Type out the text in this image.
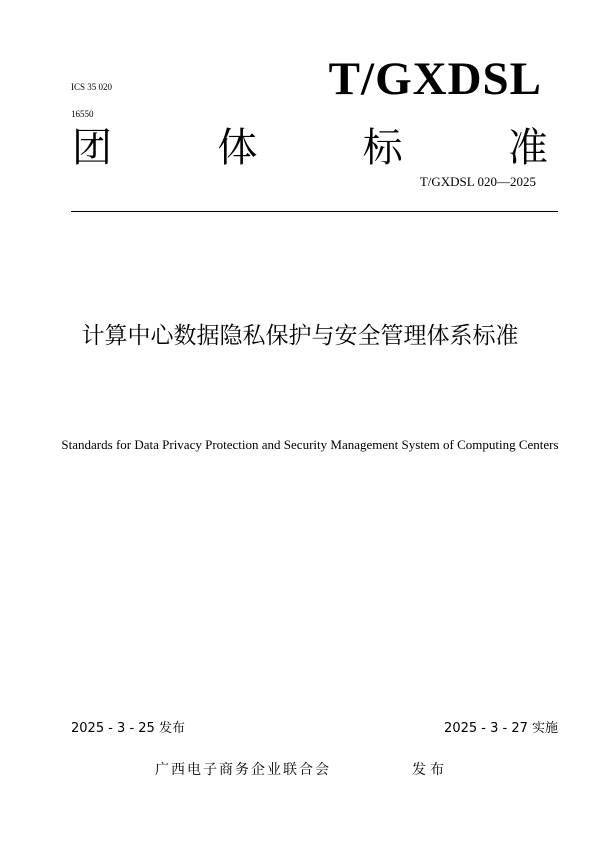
ICS 35 020
16550
T/GXDSL
团	体	标	准
T/GXDSL 020—2025
计算中心数据隐私保护与安全管理体系标准
Standards for Data Privacy Protection and Security Management System of Computing Centers
2025 - 3 - 25 发布	2025 - 3 - 27 实施
广西电子商务企业联合会	发布
